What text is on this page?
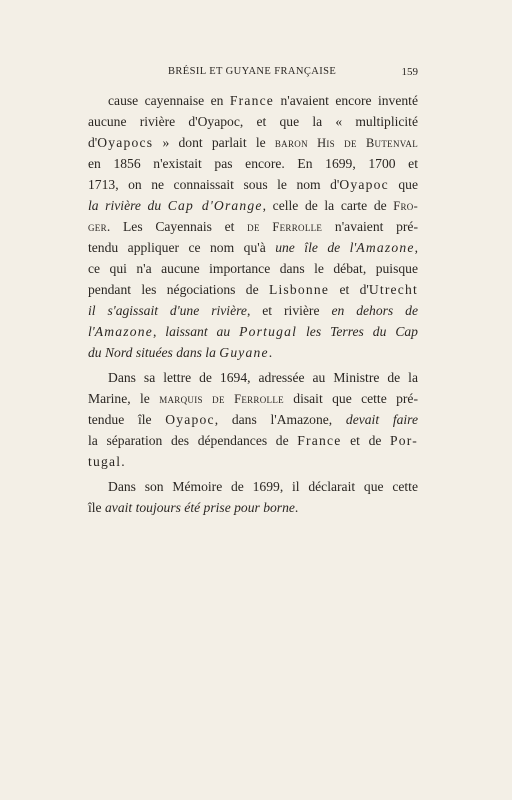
BRÉSIL ET GUYANE FRANÇAISE	159
cause cayennaise en France n'avaient encore inventé
aucune rivière d'Oyapoc, et que la « multiplicité
d'Oyapocs » dont parlait le baron His de Butenval
en 1856 n'existait pas encore. En 1699, 1700 et
1713, on ne connaissait sous le nom d'Oyapoc que
la rivière du Cap d'Orange, celle de la carte de Fro-
ger. Les Cayennais et de Ferrolle n'avaient pré-
tendu appliquer ce nom qu'à une île de l'Amazone,
ce qui n'a aucune importance dans le débat, puisque
pendant les négociations de Lisbonne et d'Utrecht
il s'agissait d'une rivière, et rivière en dehors de
l'Amazone, laissant au Portugal les Terres du Cap
du Nord situées dans la Guyane.
Dans sa lettre de 1694, adressée au Ministre de la
Marine, le marquis de Ferrolle disait que cette pré-
tendue île Oyapoc, dans l'Amazone, devait faire
la séparation des dépendances de France et de Por-
tugal.
Dans son Mémoire de 1699, il déclarait que cette
île avait toujours été prise pour borne.
